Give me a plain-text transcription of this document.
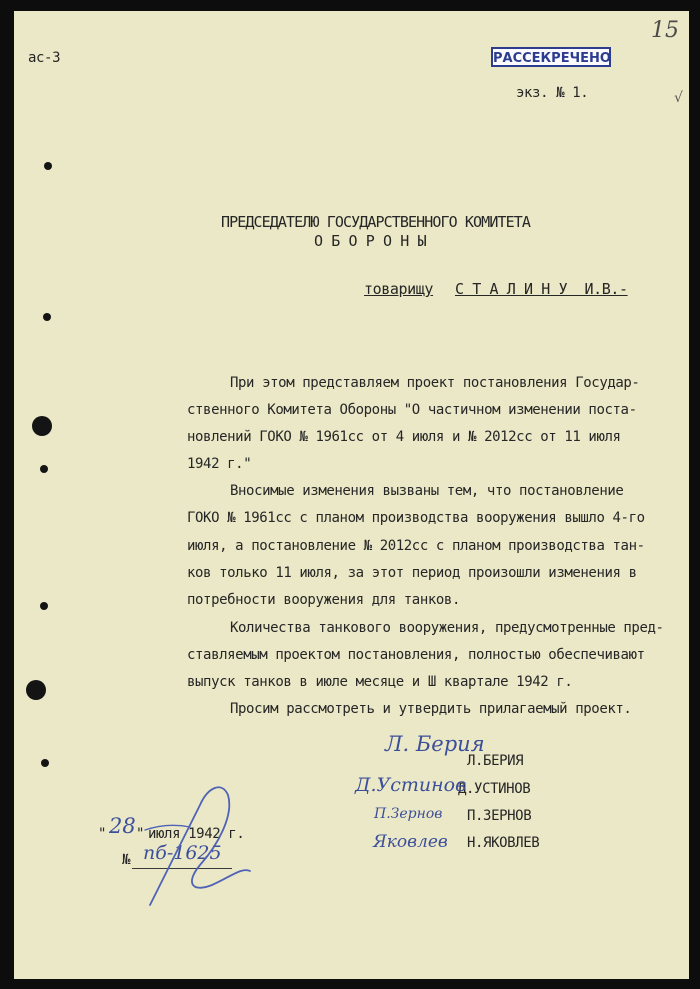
ас-3
15
РАССЕКРЕЧЕНО
экз. № 1.	√
ПРЕДСЕДАТЕЛЮ ГОСУДАРСТВЕННОГО КОМИТЕТА
О Б О Р О Н Ы
товарищу С Т А Л И Н У  И.В.-
При этом представляем проект постановления Государ-
ственного Комитета Обороны "О частичном изменении поста-
новлений ГОКО № 1961сс от 4 июля и № 2012сс от 11 июля
1942 г."
Вносимые изменения вызваны тем, что постановление
ГОКО № 1961сс с планом производства вооружения вышло 4-го
июля, а постановление № 2012сс с планом производства тан-
ков только 11 июля, за этот период произошли изменения в
потребности вооружения для танков.
Количества танкового вооружения, предусмотренные пред-
ставляемым проектом постановления, полностью обеспечивают
выпуск танков в июле месяце и Ш квартале 1942 г.
Просим рассмотреть и утвердить прилагаемый проект.
Л.БЕРИЯ
Д.УСТИНОВ
П.ЗЕРНОВ
Н.ЯКОВЛЕВ
Л. Берия
Д.Устинов
П.Зернов
Яковлев
" 28 " июля 1942 г.
№ пб-1625
